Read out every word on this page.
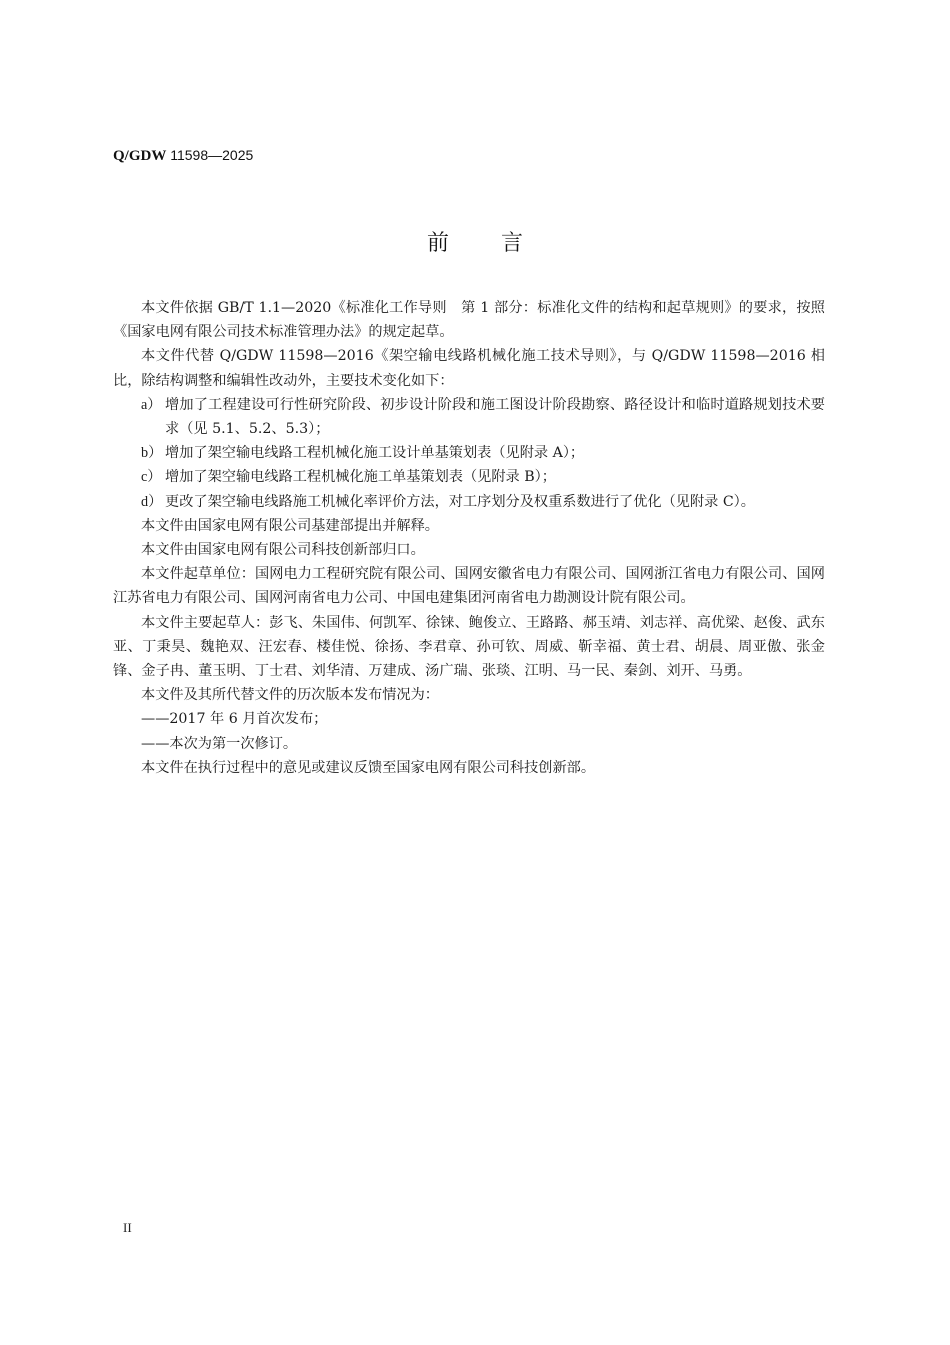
Q/GDW 11598—2025
前 言

本文件依据 GB/T 1.1—2020《标准化工作导则　第 1 部分：标准化文件的结构和起草规则》的要求，按照《国家电网有限公司技术标准管理办法》的规定起草。

本文件代替 Q/GDW 11598—2016《架空输电线路机械化施工技术导则》，与 Q/GDW 11598—2016 相比，除结构调整和编辑性改动外，主要技术变化如下：

a） 增加了工程建设可行性研究阶段、初步设计阶段和施工图设计阶段勘察、路径设计和临时道路规划技术要求（见 5.1、5.2、5.3）；
b） 增加了架空输电线路工程机械化施工设计单基策划表（见附录 A）；
c） 增加了架空输电线路工程机械化施工单基策划表（见附录 B）；
d） 更改了架空输电线路施工机械化率评价方法，对工序划分及权重系数进行了优化（见附录 C）。

本文件由国家电网有限公司基建部提出并解释。

本文件由国家电网有限公司科技创新部归口。

本文件起草单位：国网电力工程研究院有限公司、国网安徽省电力有限公司、国网浙江省电力有限公司、国网江苏省电力有限公司、国网河南省电力公司、中国电建集团河南省电力勘测设计院有限公司。

本文件主要起草人：彭飞、朱国伟、何凯军、徐铼、鲍俊立、王路路、郝玉靖、刘志祥、高优梁、赵俊、武东亚、丁秉昊、魏艳双、汪宏春、楼佳悦、徐扬、李君章、孙可钦、周威、靳幸福、黄士君、胡晨、周亚傲、张金锋、金子冉、董玉明、丁士君、刘华清、万建成、汤广瑞、张琰、江明、马一民、秦剑、刘开、马勇。

本文件及其所代替文件的历次版本发布情况为：

——2017 年 6 月首次发布；

——本次为第一次修订。

本文件在执行过程中的意见或建议反馈至国家电网有限公司科技创新部。

II
